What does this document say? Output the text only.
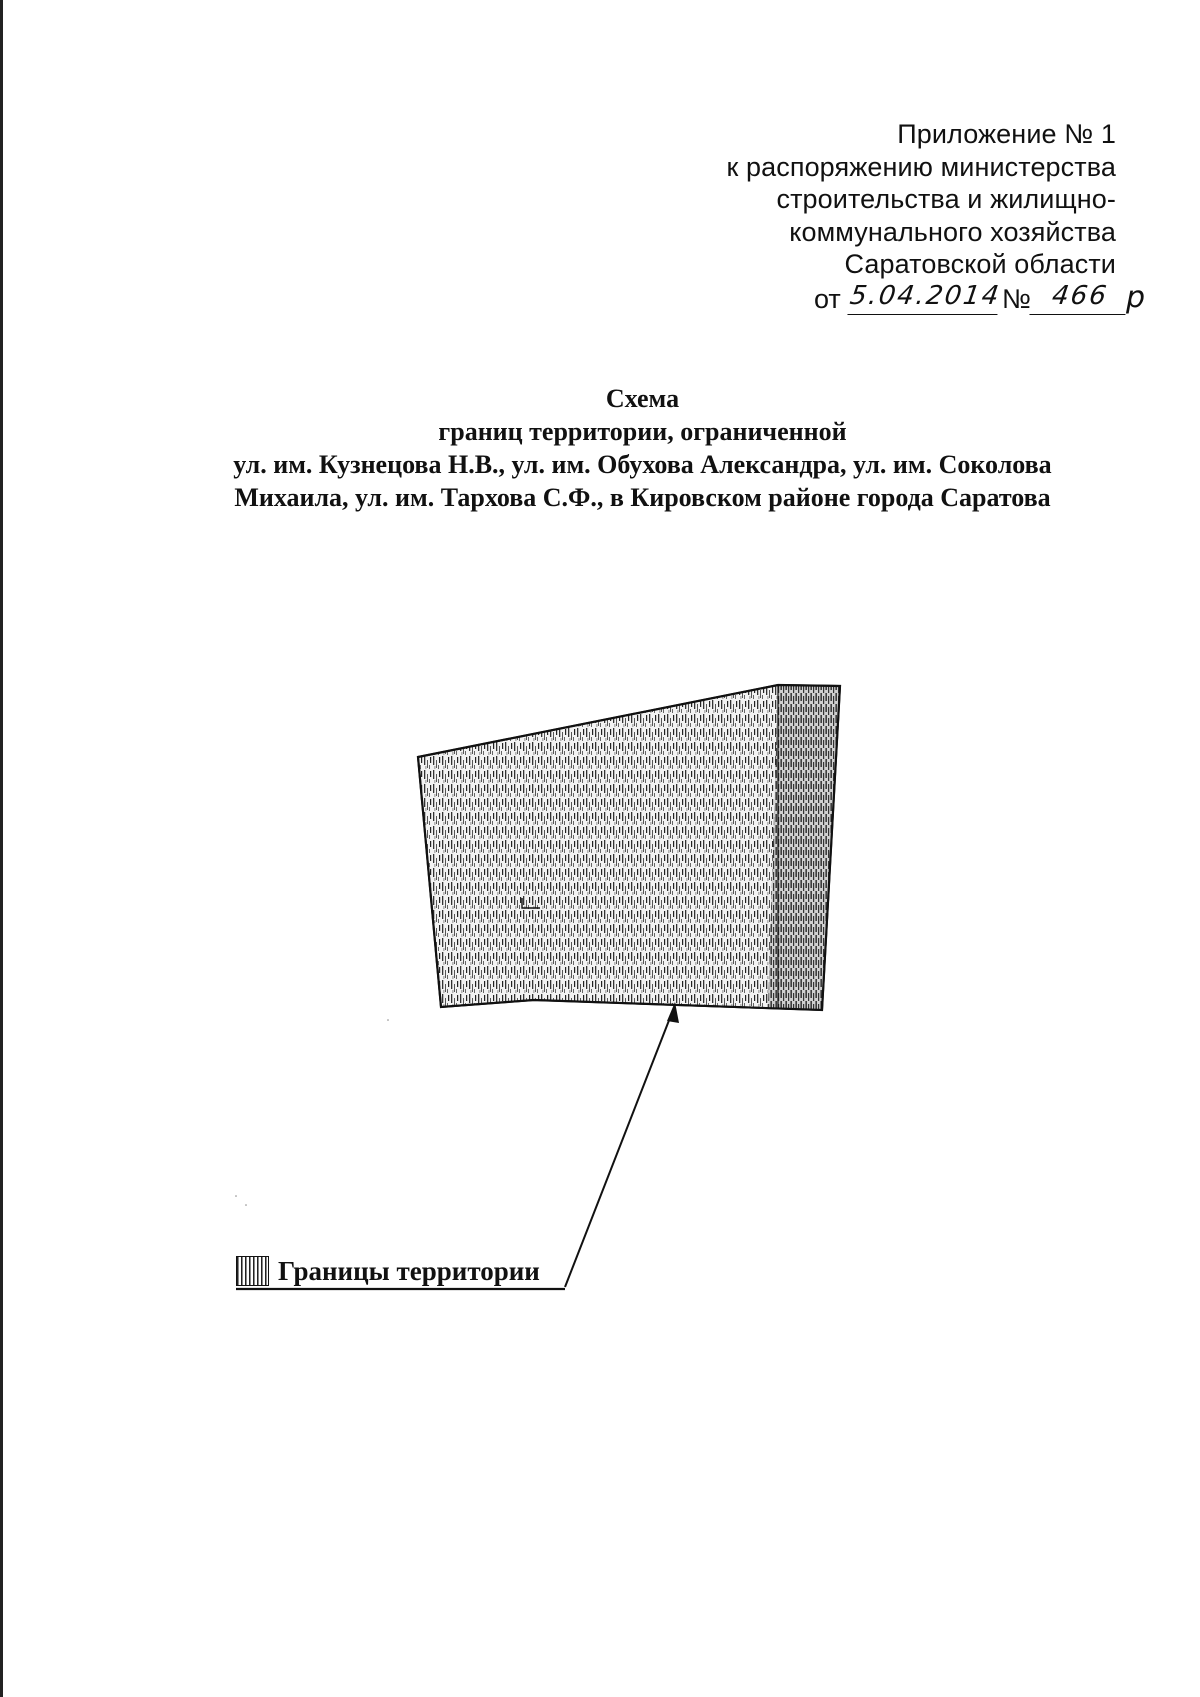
Приложение № 1
к распоряжению министерства
строительства и жилищно-
коммунального хозяйства
Саратовской области
от 5.04.2014 № 466 р
Схема
границ территории, ограниченной
ул. им. Кузнецова Н.В., ул. им. Обухова Александра, ул. им. Соколова
Михаила, ул. им. Тархова С.Ф., в Кировском районе города Саратова
Границы территории
